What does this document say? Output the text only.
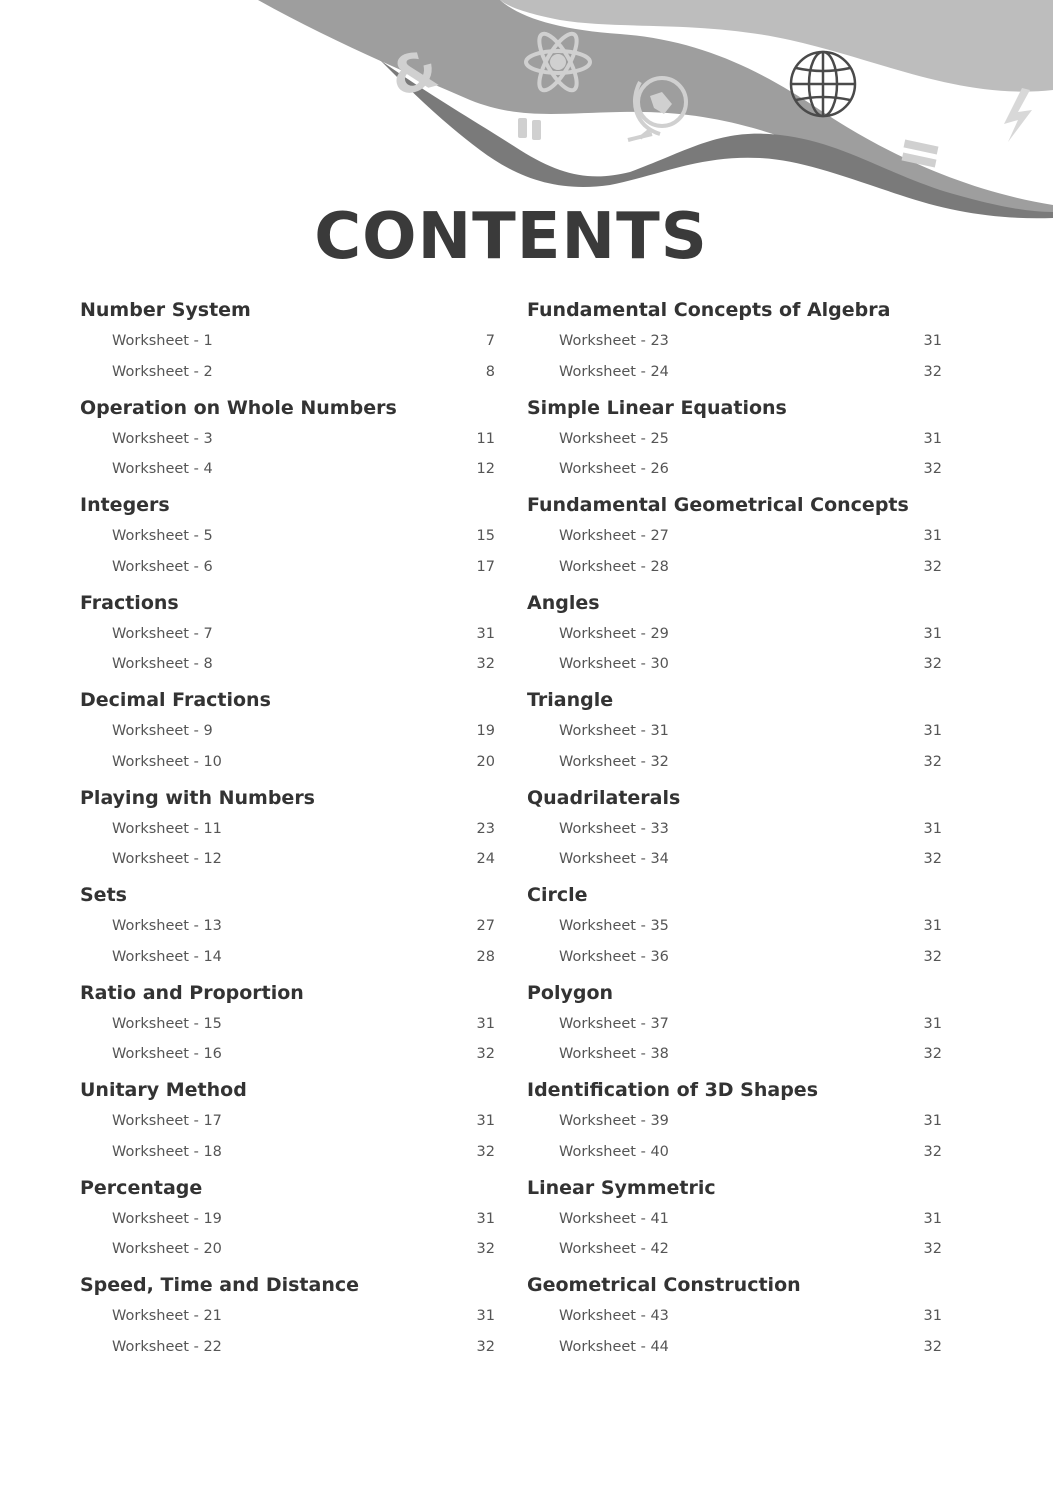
&
CONTENTS
Number System
Worksheet - 1	7
Worksheet - 2	8
Operation on Whole Numbers
Worksheet - 3	11
Worksheet - 4	12
Integers
Worksheet - 5	15
Worksheet - 6	17
Fractions
Worksheet - 7	31
Worksheet - 8	32
Decimal Fractions
Worksheet - 9	19
Worksheet - 10	20
Playing with Numbers
Worksheet - 11	23
Worksheet - 12	24
Sets
Worksheet - 13	27
Worksheet - 14	28
Ratio and Proportion
Worksheet - 15	31
Worksheet - 16	32
Unitary Method
Worksheet - 17	31
Worksheet - 18	32
Percentage
Worksheet - 19	31
Worksheet - 20	32
Speed, Time and Distance
Worksheet - 21	31
Worksheet - 22	32
Fundamental Concepts of Algebra
Worksheet - 23	31
Worksheet - 24	32
Simple Linear Equations
Worksheet - 25	31
Worksheet - 26	32
Fundamental Geometrical Concepts
Worksheet - 27	31
Worksheet - 28	32
Angles
Worksheet - 29	31
Worksheet - 30	32
Triangle
Worksheet - 31	31
Worksheet - 32	32
Quadrilaterals
Worksheet - 33	31
Worksheet - 34	32
Circle
Worksheet - 35	31
Worksheet - 36	32
Polygon
Worksheet - 37	31
Worksheet - 38	32
Identification of 3D Shapes
Worksheet - 39	31
Worksheet - 40	32
Linear Symmetric
Worksheet - 41	31
Worksheet - 42	32
Geometrical Construction
Worksheet - 43	31
Worksheet - 44	32
